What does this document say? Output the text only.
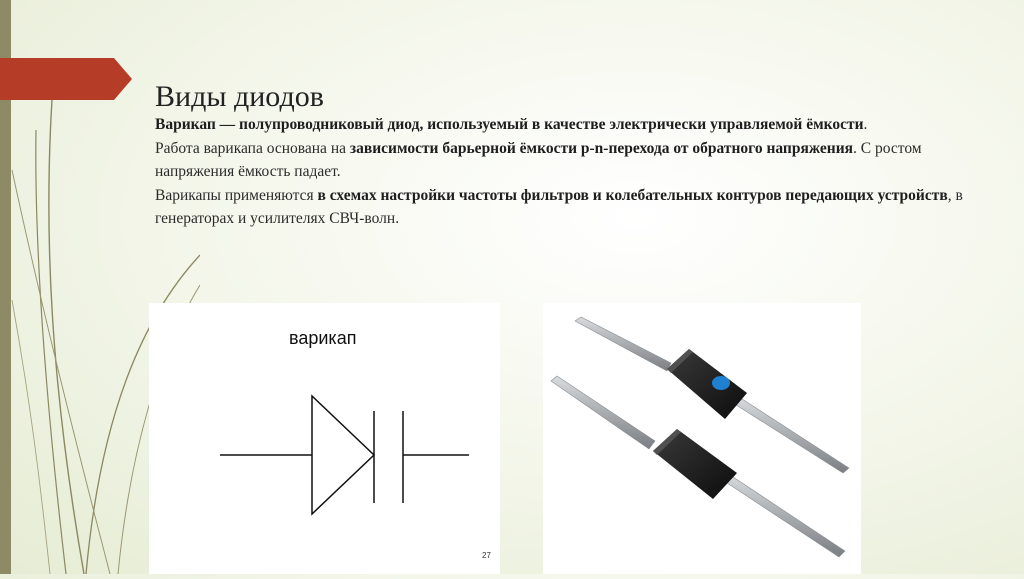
Виды диодов

Варикап — полупроводниковый диод, используемый в качестве электрически управляемой ёмкости.

Работа варикапа основана на зависимости барьерной ёмкости p-n-перехода от обратного напряжения. С ростом напряжения ёмкость падает.

Варикапы применяются в схемах настройки частоты фильтров и колебательных контуров передающих устройств, в генераторах и усилителях СВЧ-волн.

варикап
27
